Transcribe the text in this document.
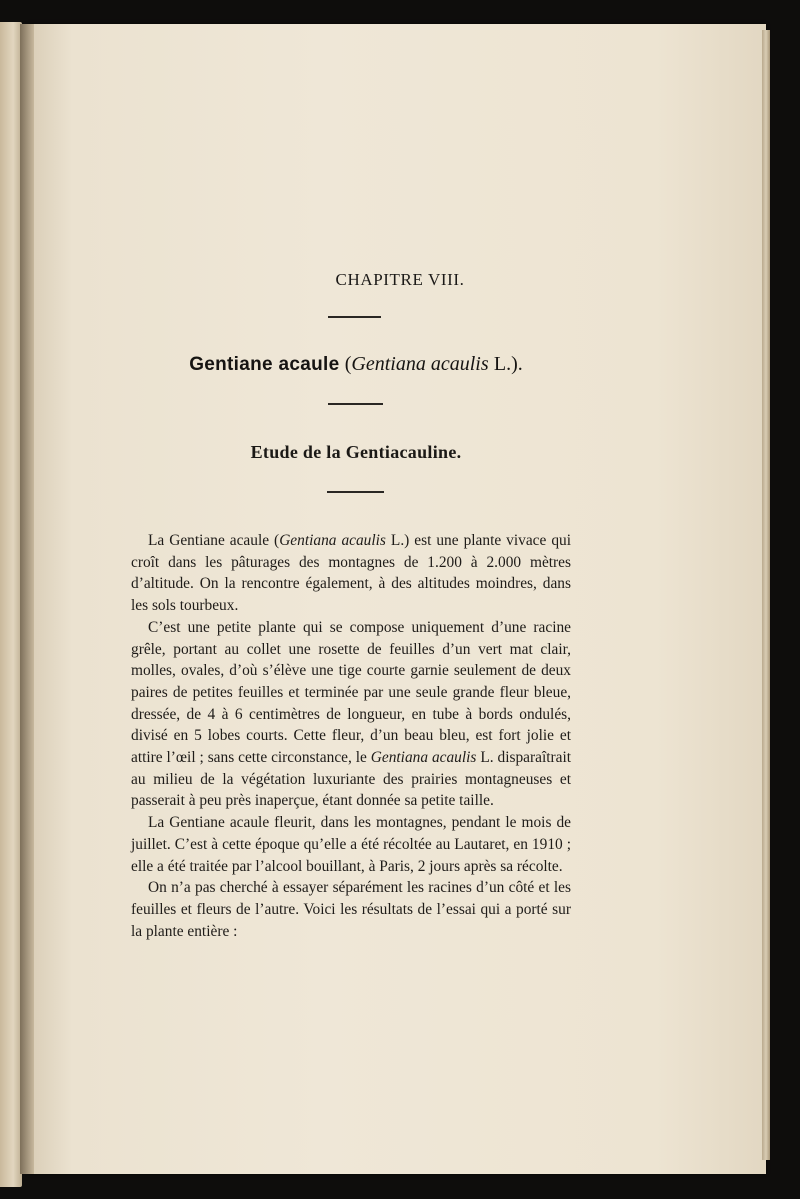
CHAPITRE VIII.
Gentiane acaule (Gentiana acaulis L.).
Etude de la Gentiacauline.

La Gentiane acaule (Gentiana acaulis L.) est une plante vivace qui croît dans les pâturages des montagnes de 1.200 à 2.000 mètres d’altitude. On la rencontre également, à des altitudes moindres, dans les sols tourbeux.

C’est une petite plante qui se compose uniquement d’une racine grêle, portant au collet une rosette de feuilles d’un vert mat clair, molles, ovales, d’où s’élève une tige courte garnie seulement de deux paires de petites feuilles et terminée par une seule grande fleur bleue, dressée, de 4 à 6 centimètres de longueur, en tube à bords ondulés, divisé en 5 lobes courts. Cette fleur, d’un beau bleu, est fort jolie et attire l’œil ; sans cette circonstance, le Gentiana acaulis L. disparaîtrait au milieu de la végétation luxuriante des prairies montagneuses et passerait à peu près inaperçue, étant donnée sa petite taille.

La Gentiane acaule fleurit, dans les montagnes, pendant le mois de juillet. C’est à cette époque qu’elle a été récoltée au Lautaret, en 1910 ; elle a été traitée par l’alcool bouillant, à Paris, 2 jours après sa récolte.

On n’a pas cherché à essayer séparément les racines d’un côté et les feuilles et fleurs de l’autre. Voici les résultats de l’essai qui a porté sur la plante entière :
